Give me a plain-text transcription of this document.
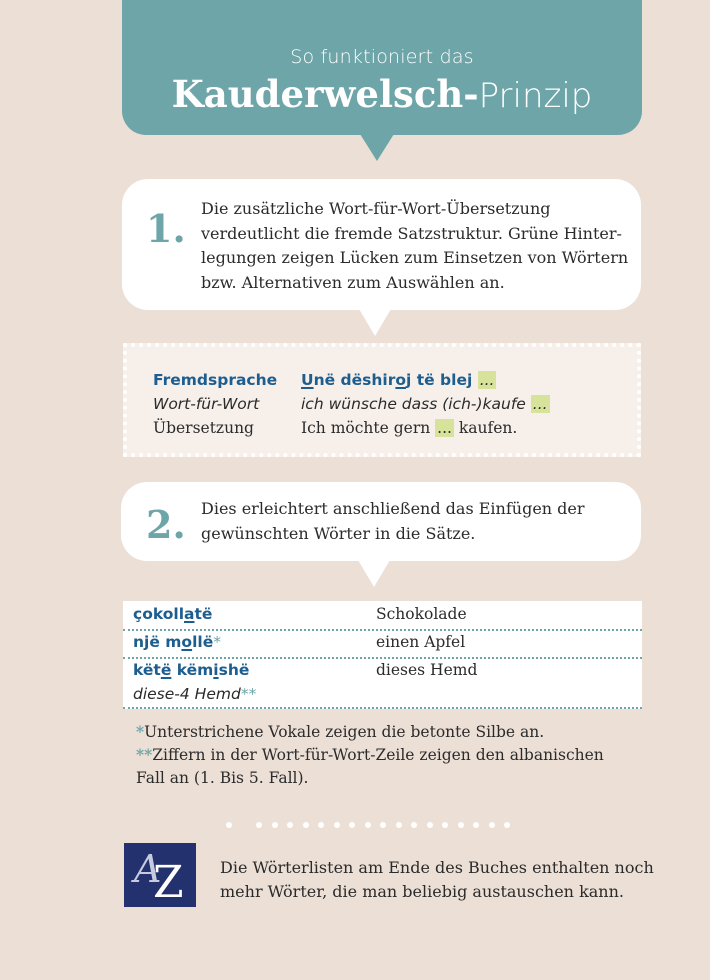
So funktioniert das
Kauderwelsch-Prinzip
1. Die zusätzliche Wort-für-Wort-Übersetzung
verdeutlicht die fremde Satzstruktur. Grüne Hinter-
legungen zeigen Lücken zum Einsetzen von Wörtern
bzw. Alternativen zum Auswählen an.
Fremdsprache
Wort-für-Wort
Übersetzung
Unë dëshiroj të blej ...
ich wünsche dass (ich-)kaufe ...
Ich möchte gern ... kaufen.
2. Dies erleichtert anschließend das Einfügen der
gewünschten Wörter in die Sätze.
çokollatë	Schokolade
një mollë*	einen Apfel
këtë këmishë
diese-4 Hemd**
dieses Hemd
*Unterstrichene Vokale zeigen die betonte Silbe an.
**Ziffern in der Wort-für-Wort-Zeile zeigen den albanischen
Fall an (1. Bis 5. Fall).
A
Z Die Wörterlisten am Ende des Buches enthalten noch
mehr Wörter, die man beliebig austauschen kann.
